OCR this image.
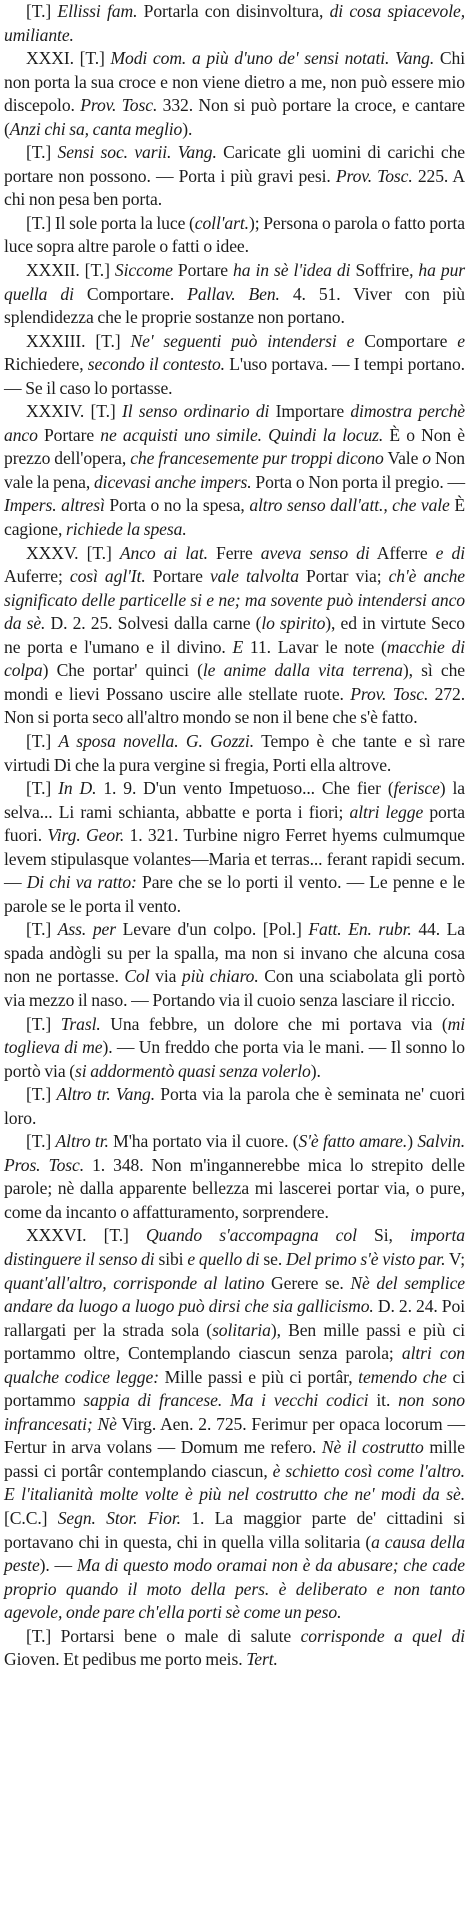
[T.] Ellissi fam. Portarla con disinvoltura, di cosa spiacevole, umiliante.

XXXI. [T.] Modi com. a più d'uno de' sensi notati. Vang. Chi non porta la sua croce e non viene dietro a me, non può essere mio discepolo. Prov. Tosc. 332. Non si può portare la croce, e cantare (Anzi chi sa, canta meglio).

[T.] Sensi soc. varii. Vang. Caricate gli uomini di carichi che portare non possono. — Porta i più gravi pesi. Prov. Tosc. 225. A chi non pesa ben porta.

[T.] Il sole porta la luce (coll'art.); Persona o parola o fatto porta luce sopra altre parole o fatti o idee.

XXXII. [T.] Siccome Portare ha in sè l'idea di Soffrire, ha pur quella di Comportare. Pallav. Ben. 4. 51. Viver con più splendidezza che le proprie sostanze non portano.

XXXIII. [T.] Ne' seguenti può intendersi e Comportare e Richiedere, secondo il contesto. L'uso portava. — I tempi portano. — Se il caso lo portasse.

XXXIV. [T.] Il senso ordinario di Importare dimostra perchè anco Portare ne acquisti uno simile. Quindi la locuz. È o Non è prezzo dell'opera, che francesemente pur troppi dicono Vale o Non vale la pena, dicevasi anche impers. Porta o Non porta il pregio. — Impers. altresì Porta o no la spesa, altro senso dall'att., che vale È cagione, richiede la spesa.

XXXV. [T.] Anco ai lat. Ferre aveva senso di Afferre e di Auferre; così agl'It. Portare vale talvolta Portar via; ch'è anche significato delle particelle si e ne; ma sovente può intendersi anco da sè. D. 2. 25. Solvesi dalla carne (lo spirito), ed in virtute Seco ne porta e l'umano e il divino. E 11. Lavar le note (macchie di colpa) Che portar' quinci (le anime dalla vita terrena), sì che mondi e lievi Possano uscire alle stellate ruote. Prov. Tosc. 272. Non si porta seco all'altro mondo se non il bene che s'è fatto.

[T.] A sposa novella. G. Gozzi. Tempo è che tante e sì rare virtudi Di che la pura vergine si fregia, Porti ella altrove.

[T.] In D. 1. 9. D'un vento Impetuoso... Che fier (ferisce) la selva... Li rami schianta, abbatte e porta i fiori; altri legge porta fuori. Virg. Geor. 1. 321. Turbine nigro Ferret hyems culmumque levem stipulasque volantes—Maria et terras... ferant rapidi secum. — Di chi va ratto: Pare che se lo porti il vento. — Le penne e le parole se le porta il vento.

[T.] Ass. per Levare d'un colpo. [Pol.] Fatt. En. rubr. 44. La spada andògli su per la spalla, ma non si invano che alcuna cosa non ne portasse. Col via più chiaro. Con una sciabolata gli portò via mezzo il naso. — Portando via il cuoio senza lasciare il riccio.

[T.] Trasl. Una febbre, un dolore che mi portava via (mi toglieva di me). — Un freddo che porta via le mani. — Il sonno lo portò via (si addormentò quasi senza volerlo).

[T.] Altro tr. Vang. Porta via la parola che è seminata ne' cuori loro.

[T.] Altro tr. M'ha portato via il cuore. (S'è fatto amare.) Salvin. Pros. Tosc. 1. 348. Non m'ingannerebbe mica lo strepito delle parole; nè dalla apparente bellezza mi lascerei portar via, o pure, come da incanto o affatturamento, sorprendere.

XXXVI. [T.] Quando s'accompagna col Si, importa distinguere il senso di sibi e quello di se. Del primo s'è visto par. V; quant'all'altro, corrisponde al latino Gerere se. Nè del semplice andare da luogo a luogo può dirsi che sia gallicismo. D. 2. 24. Poi rallargati per la strada sola (solitaria), Ben mille passi e più ci portammo oltre, Contemplando ciascun senza parola; altri con qualche codice legge: Mille passi e più ci portâr, temendo che ci portammo sappia di francese. Ma i vecchi codici it. non sono infrancesati; Nè Virg. Aen. 2. 725. Ferimur per opaca locorum — Fertur in arva volans — Domum me refero. Nè il costrutto mille passi ci portâr contemplando ciascun, è schietto così come l'altro. E l'italianità molte volte è più nel costrutto che ne' modi da sè. [C.C.] Segn. Stor. Fior. 1. La maggior parte de' cittadini si portavano chi in questa, chi in quella villa solitaria (a causa della peste). — Ma di questo modo oramai non è da abusare; che cade proprio quando il moto della pers. è deliberato e non tanto agevole, onde pare ch'ella porti sè come un peso.

[T.] Portarsi bene o male di salute corrisponde a quel di Gioven. Et pedibus me porto meis. Tert.
